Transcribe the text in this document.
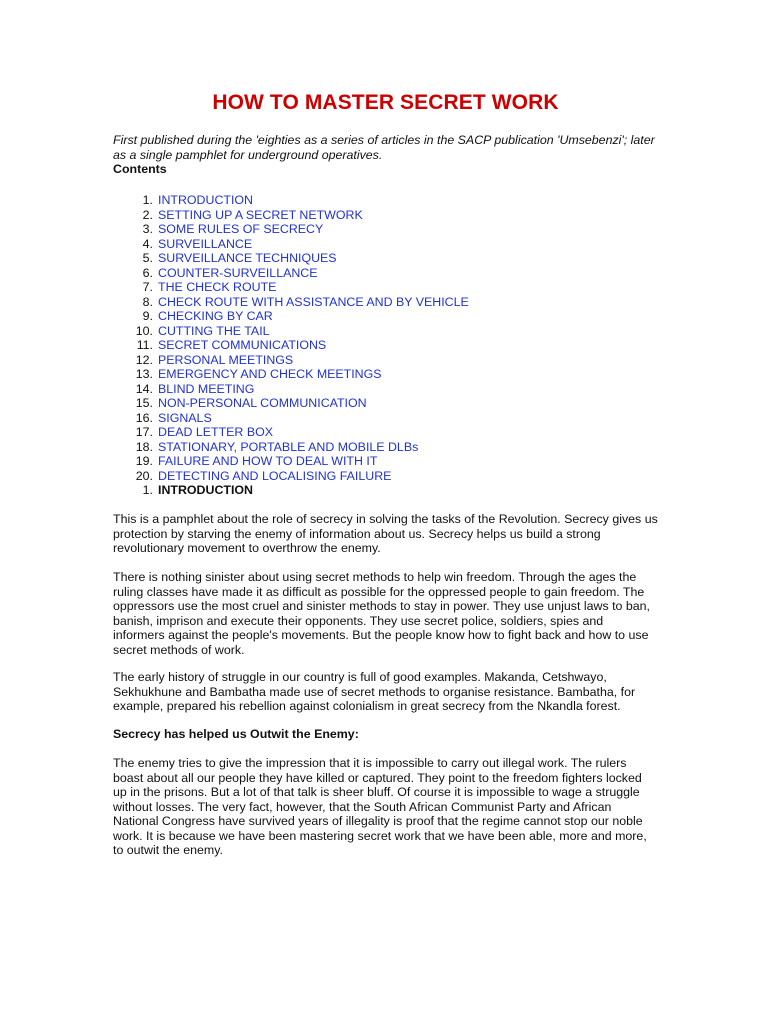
HOW TO MASTER SECRET WORK

First published during the 'eighties as a series of articles in the SACP publication 'Umsebenzi'; later as a single pamphlet for underground operatives.

Contents

1. INTRODUCTION
2. SETTING UP A SECRET NETWORK
3. SOME RULES OF SECRECY
4. SURVEILLANCE
5. SURVEILLANCE TECHNIQUES
6. COUNTER-SURVEILLANCE
7. THE CHECK ROUTE
8. CHECK ROUTE WITH ASSISTANCE AND BY VEHICLE
9. CHECKING BY CAR
10. CUTTING THE TAIL
11. SECRET COMMUNICATIONS
12. PERSONAL MEETINGS
13. EMERGENCY AND CHECK MEETINGS
14. BLIND MEETING
15. NON-PERSONAL COMMUNICATION
16. SIGNALS
17. DEAD LETTER BOX
18. STATIONARY, PORTABLE AND MOBILE DLBs
19. FAILURE AND HOW TO DEAL WITH IT
20. DETECTING AND LOCALISING FAILURE
1. INTRODUCTION

This is a pamphlet about the role of secrecy in solving the tasks of the Revolution. Secrecy gives us protection by starving the enemy of information about us. Secrecy helps us build a strong revolutionary movement to overthrow the enemy.

There is nothing sinister about using secret methods to help win freedom. Through the ages the ruling classes have made it as difficult as possible for the oppressed people to gain freedom. The oppressors use the most cruel and sinister methods to stay in power. They use unjust laws to ban, banish, imprison and execute their opponents. They use secret police, soldiers, spies and informers against the people's movements. But the people know how to fight back and how to use secret methods of work.

The early history of struggle in our country is full of good examples. Makanda, Cetshwayo, Sekhukhune and Bambatha made use of secret methods to organise resistance. Bambatha, for example, prepared his rebellion against colonialism in great secrecy from the Nkandla forest.

Secrecy has helped us Outwit the Enemy:

The enemy tries to give the impression that it is impossible to carry out illegal work. The rulers boast about all our people they have killed or captured. They point to the freedom fighters locked up in the prisons. But a lot of that talk is sheer bluff. Of course it is impossible to wage a struggle without losses. The very fact, however, that the South African Communist Party and African National Congress have survived years of illegality is proof that the regime cannot stop our noble work. It is because we have been mastering secret work that we have been able, more and more, to outwit the enemy.
